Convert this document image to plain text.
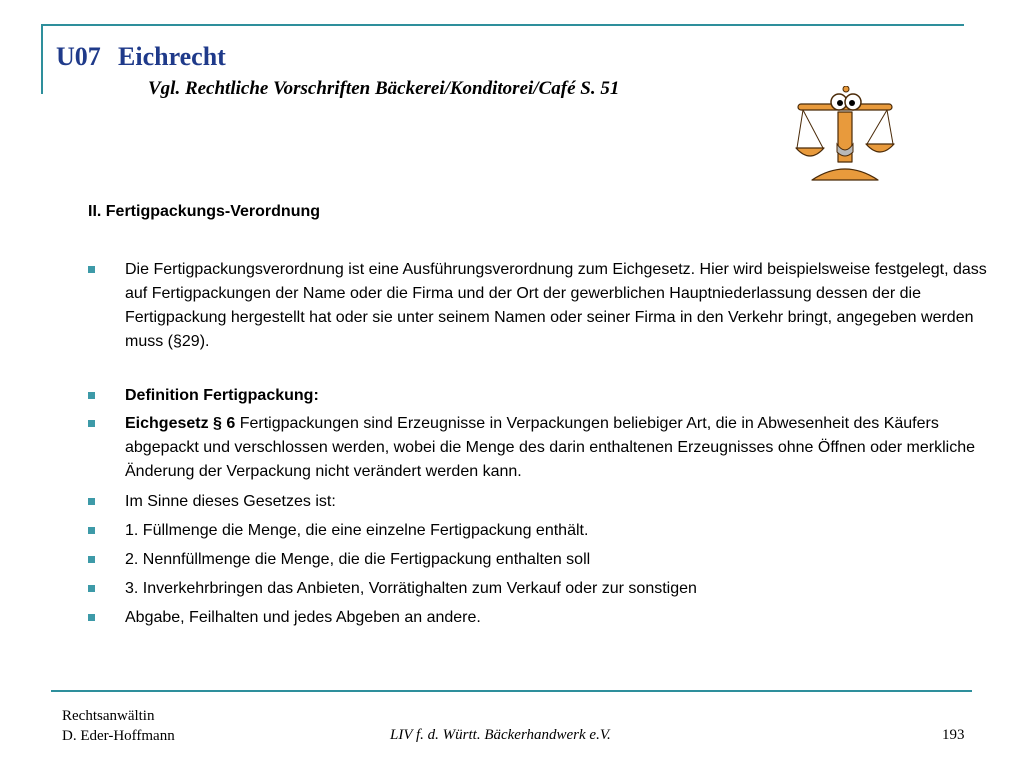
U07 Eichrecht

Vgl. Rechtliche Vorschriften Bäckerei/Konditorei/Café S. 51

II. Fertigpackungs-Verordnung
Die Fertigpackungsverordnung ist eine Ausführungsverordnung zum Eichgesetz. Hier wird beispielsweise festgelegt, dass auf Fertigpackungen der Name oder die Firma und der Ort der gewerblichen Hauptniederlassung dessen der die Fertigpackung hergestellt hat oder sie unter seinem Namen oder seiner Firma in den Verkehr bringt, angegeben werden muss (§29).
Definition Fertigpackung:
Eichgesetz § 6 Fertigpackungen sind Erzeugnisse in Verpackungen beliebiger Art, die in Abwesenheit des Käufers abgepackt und verschlossen werden, wobei die Menge des darin enthaltenen Erzeugnisses ohne Öffnen oder merkliche Änderung der Verpackung nicht verändert werden kann.
Im Sinne dieses Gesetzes ist:
1. Füllmenge die Menge, die eine einzelne Fertigpackung enthält.
2. Nennfüllmenge die Menge, die die Fertigpackung enthalten soll
3. Inverkehrbringen das Anbieten, Vorrätighalten zum Verkauf oder zur sonstigen
Abgabe, Feilhalten und jedes Abgeben an andere.
Rechtsanwältin
D. Eder-Hoffmann	LIV f. d. Württ. Bäckerhandwerk e.V.	193
